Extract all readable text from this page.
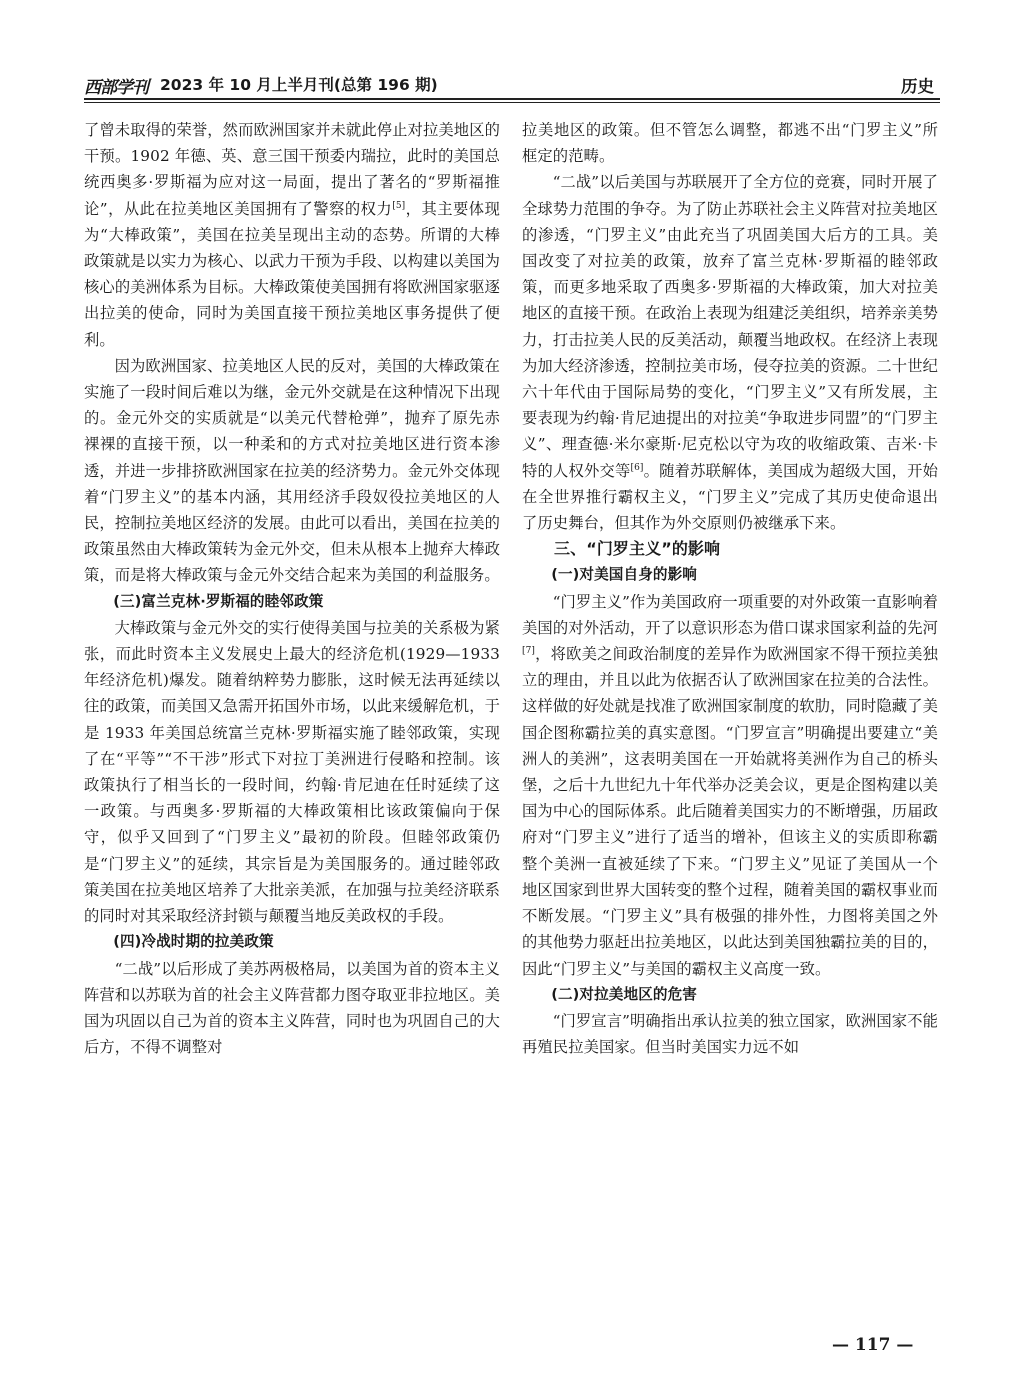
西部学刊 2023 年 10 月上半月刊(总第 196 期)	历史

了曾未取得的荣誉，然而欧洲国家并未就此停止对拉美地区的干预。1902 年德、英、意三国干预委内瑞拉，此时的美国总统西奥多·罗斯福为应对这一局面，提出了著名的“罗斯福推论”，从此在拉美地区美国拥有了警察的权力[5]，其主要体现为“大棒政策”，美国在拉美呈现出主动的态势。所谓的大棒政策就是以实力为核心、以武力干预为手段、以构建以美国为核心的美洲体系为目标。大棒政策使美国拥有将欧洲国家驱逐出拉美的使命，同时为美国直接干预拉美地区事务提供了便利。

因为欧洲国家、拉美地区人民的反对，美国的大棒政策在实施了一段时间后难以为继，金元外交就是在这种情况下出现的。金元外交的实质就是“以美元代替枪弹”，抛弃了原先赤裸裸的直接干预，以一种柔和的方式对拉美地区进行资本渗透，并进一步排挤欧洲国家在拉美的经济势力。金元外交体现着“门罗主义”的基本内涵，其用经济手段奴役拉美地区的人民，控制拉美地区经济的发展。由此可以看出，美国在拉美的政策虽然由大棒政策转为金元外交，但未从根本上抛弃大棒政策，而是将大棒政策与金元外交结合起来为美国的利益服务。

(三)富兰克林·罗斯福的睦邻政策

大棒政策与金元外交的实行使得美国与拉美的关系极为紧张，而此时资本主义发展史上最大的经济危机(1929—1933 年经济危机)爆发。随着纳粹势力膨胀，这时候无法再延续以往的政策，而美国又急需开拓国外市场，以此来缓解危机，于是 1933 年美国总统富兰克林·罗斯福实施了睦邻政策，实现了在“平等”“不干涉”形式下对拉丁美洲进行侵略和控制。该政策执行了相当长的一段时间，约翰·肯尼迪在任时延续了这一政策。与西奥多·罗斯福的大棒政策相比该政策偏向于保守，似乎又回到了“门罗主义”最初的阶段。但睦邻政策仍是“门罗主义”的延续，其宗旨是为美国服务的。通过睦邻政策美国在拉美地区培养了大批亲美派，在加强与拉美经济联系的同时对其采取经济封锁与颠覆当地反美政权的手段。

(四)冷战时期的拉美政策

“二战”以后形成了美苏两极格局，以美国为首的资本主义阵营和以苏联为首的社会主义阵营都力图夺取亚非拉地区。美国为巩固以自己为首的资本主义阵营，同时也为巩固自己的大后方，不得不调整对

拉美地区的政策。但不管怎么调整，都逃不出“门罗主义”所框定的范畴。

“二战”以后美国与苏联展开了全方位的竞赛，同时开展了全球势力范围的争夺。为了防止苏联社会主义阵营对拉美地区的渗透，“门罗主义”由此充当了巩固美国大后方的工具。美国改变了对拉美的政策，放弃了富兰克林·罗斯福的睦邻政策，而更多地采取了西奥多·罗斯福的大棒政策，加大对拉美地区的直接干预。在政治上表现为组建泛美组织，培养亲美势力，打击拉美人民的反美活动，颠覆当地政权。在经济上表现为加大经济渗透，控制拉美市场，侵夺拉美的资源。二十世纪六十年代由于国际局势的变化，“门罗主义”又有所发展，主要表现为约翰·肯尼迪提出的对拉美“争取进步同盟”的“门罗主义”、理查德·米尔豪斯·尼克松以守为攻的收缩政策、吉米·卡特的人权外交等[6]。随着苏联解体，美国成为超级大国，开始在全世界推行霸权主义，“门罗主义”完成了其历史使命退出了历史舞台，但其作为外交原则仍被继承下来。

三、“门罗主义”的影响

(一)对美国自身的影响

“门罗主义”作为美国政府一项重要的对外政策一直影响着美国的对外活动，开了以意识形态为借口谋求国家利益的先河[7]，将欧美之间政治制度的差异作为欧洲国家不得干预拉美独立的理由，并且以此为依据否认了欧洲国家在拉美的合法性。这样做的好处就是找准了欧洲国家制度的软肋，同时隐藏了美国企图称霸拉美的真实意图。“门罗宣言”明确提出要建立“美洲人的美洲”，这表明美国在一开始就将美洲作为自己的桥头堡，之后十九世纪九十年代举办泛美会议，更是企图构建以美国为中心的国际体系。此后随着美国实力的不断增强，历届政府对“门罗主义”进行了适当的增补，但该主义的实质即称霸整个美洲一直被延续了下来。“门罗主义”见证了美国从一个地区国家到世界大国转变的整个过程，随着美国的霸权事业而不断发展。“门罗主义”具有极强的排外性，力图将美国之外的其他势力驱赶出拉美地区，以此达到美国独霸拉美的目的，因此“门罗主义”与美国的霸权主义高度一致。

(二)对拉美地区的危害

“门罗宣言”明确指出承认拉美的独立国家，欧洲国家不能再殖民拉美国家。但当时美国实力远不如

— 117 —
